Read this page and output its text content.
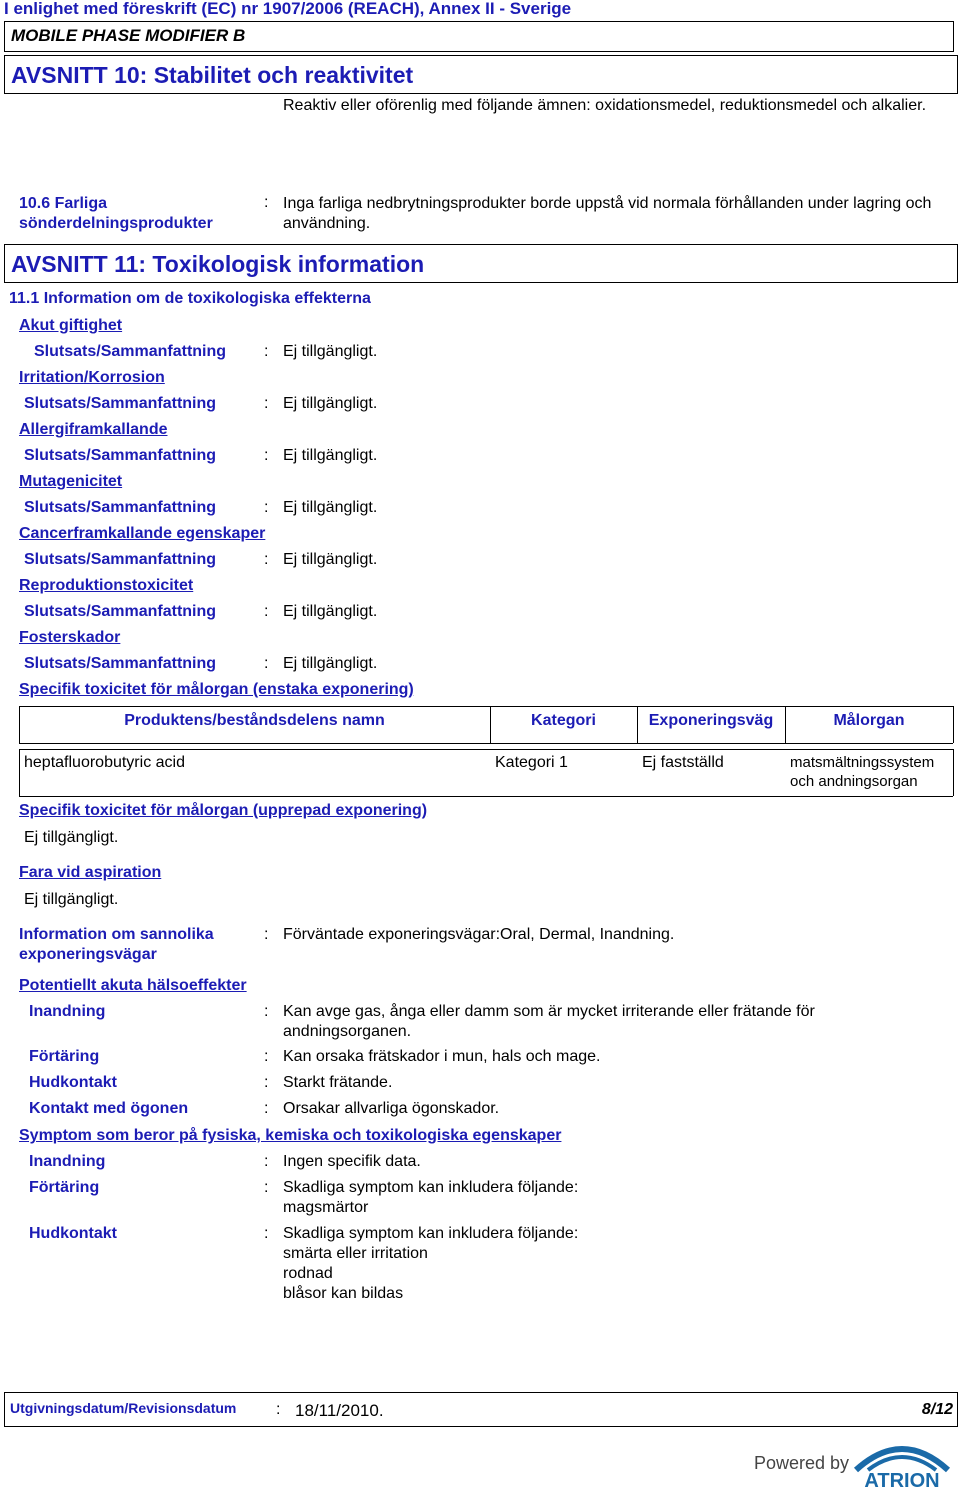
I enlighet med föreskrift (EC) nr 1907/2006 (REACH), Annex II - Sverige
MOBILE PHASE MODIFIER B
AVSNITT 10: Stabilitet och reaktivitet
Reaktiv eller oförenlig med följande ämnen: oxidationsmedel, reduktionsmedel och alkalier.
10.6 Farliga
sönderdelningsprodukter
: Inga farliga nedbrytningsprodukter borde uppstå vid normala förhållanden under lagring och användning.
AVSNITT 11: Toxikologisk information
11.1 Information om de toxikologiska effekterna
Akut giftighet
Slutsats/Sammanfattning : Ej tillgängligt.
Irritation/Korrosion
Slutsats/Sammanfattning	: Ej tillgängligt.
Allergiframkallande
Slutsats/Sammanfattning	: Ej tillgängligt.
Mutagenicitet
Slutsats/Sammanfattning	: Ej tillgängligt.
Cancerframkallande egenskaper
Slutsats/Sammanfattning	: Ej tillgängligt.
Reproduktionstoxicitet
Slutsats/Sammanfattning	: Ej tillgängligt.
Fosterskador
Slutsats/Sammanfattning	: Ej tillgängligt.
Specifik toxicitet för målorgan (enstaka exponering)
Produktens/beståndsdelens namn	Kategori	Exponeringsväg	Målorgan
heptafluorobutyric acid	Kategori 1	Ej fastställd	matsmältningssystem
och andningsorgan
Specifik toxicitet för målorgan (upprepad exponering)
Ej tillgängligt.
Fara vid aspiration
Ej tillgängligt.
Information om sannolika
exponeringsvägar
: Förväntade exponeringsvägar:Oral, Dermal, Inandning.
Potentiellt akuta hälsoeffekter
Inandning	: Kan avge gas, ånga eller damm som är mycket irriterande eller frätande för
andningsorganen.
Förtäring	: Kan orsaka frätskador i mun, hals och mage.
Hudkontakt	: Starkt frätande.
Kontakt med ögonen	: Orsakar allvarliga ögonskador.
Symptom som beror på fysiska, kemiska och toxikologiska egenskaper
Inandning	: Ingen specifik data.
Förtäring	: Skadliga symptom kan inkludera följande:
magsmärtor
Hudkontakt	: Skadliga symptom kan inkludera följande:
smärta eller irritation
rodnad
blåsor kan bildas
Utgivningsdatum/Revisionsdatum : 18/11/2010.	8/12
Powered by
ATRION
